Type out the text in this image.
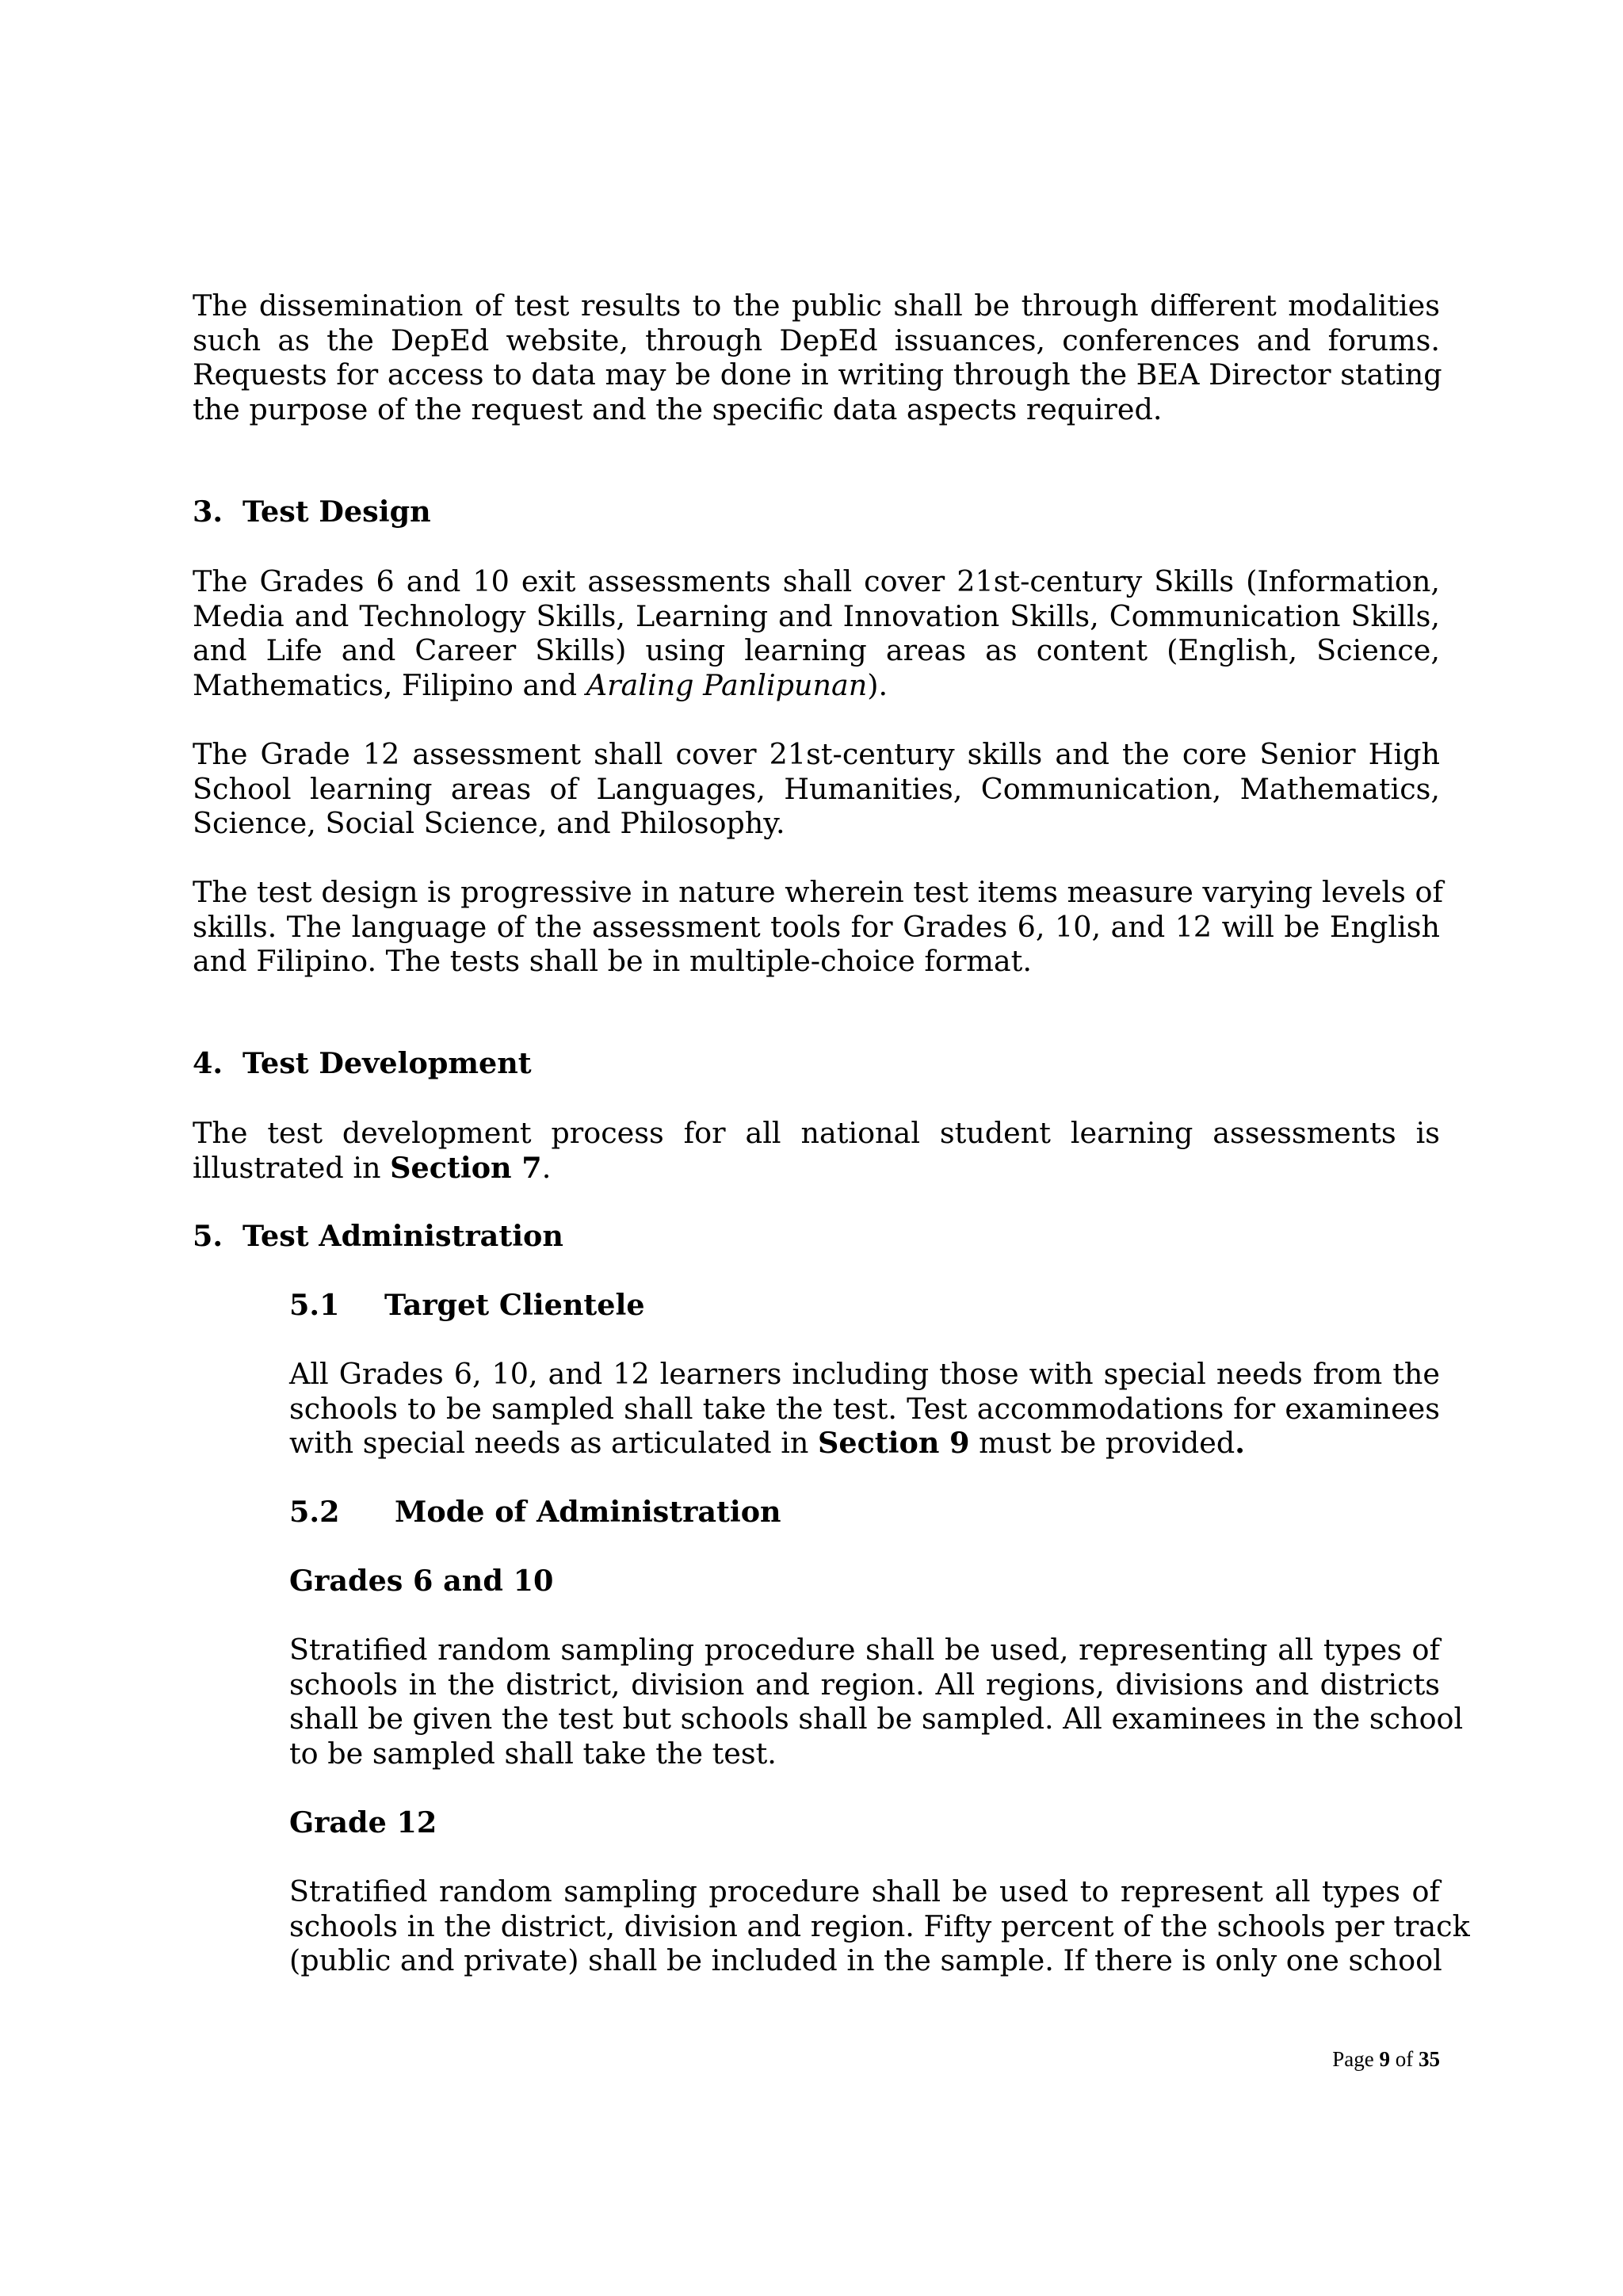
The dissemination of test results to the public shall be through different modalities
such as the DepEd website, through DepEd issuances, conferences and forums.
Requests for access to data may be done in writing through the BEA Director stating
the purpose of the request and the specific data aspects required.
3. Test Design
The Grades 6 and 10 exit assessments shall cover 21st-century Skills (Information,
Media and Technology Skills, Learning and Innovation Skills, Communication Skills,
and Life and Career Skills) using learning areas as content (English, Science,
Mathematics, Filipino and Araling Panlipunan).
The Grade 12 assessment shall cover 21st-century skills and the core Senior High
School learning areas of Languages, Humanities, Communication, Mathematics,
Science, Social Science, and Philosophy.
The test design is progressive in nature wherein test items measure varying levels of
skills. The language of the assessment tools for Grades 6, 10, and 12 will be English
and Filipino. The tests shall be in multiple-choice format.
4. Test Development
The test development process for all national student learning assessments is
illustrated in Section 7.
5. Test Administration
5.1 Target Clientele
All Grades 6, 10, and 12 learners including those with special needs from the
schools to be sampled shall take the test. Test accommodations for examinees
with special needs as articulated in Section 9 must be provided.
5.2 Mode of Administration
Grades 6 and 10
Stratified random sampling procedure shall be used, representing all types of
schools in the district, division and region. All regions, divisions and districts
shall be given the test but schools shall be sampled. All examinees in the school
to be sampled shall take the test.
Grade 12
Stratified random sampling procedure shall be used to represent all types of
schools in the district, division and region. Fifty percent of the schools per track
(public and private) shall be included in the sample. If there is only one school
Page 9 of 35
